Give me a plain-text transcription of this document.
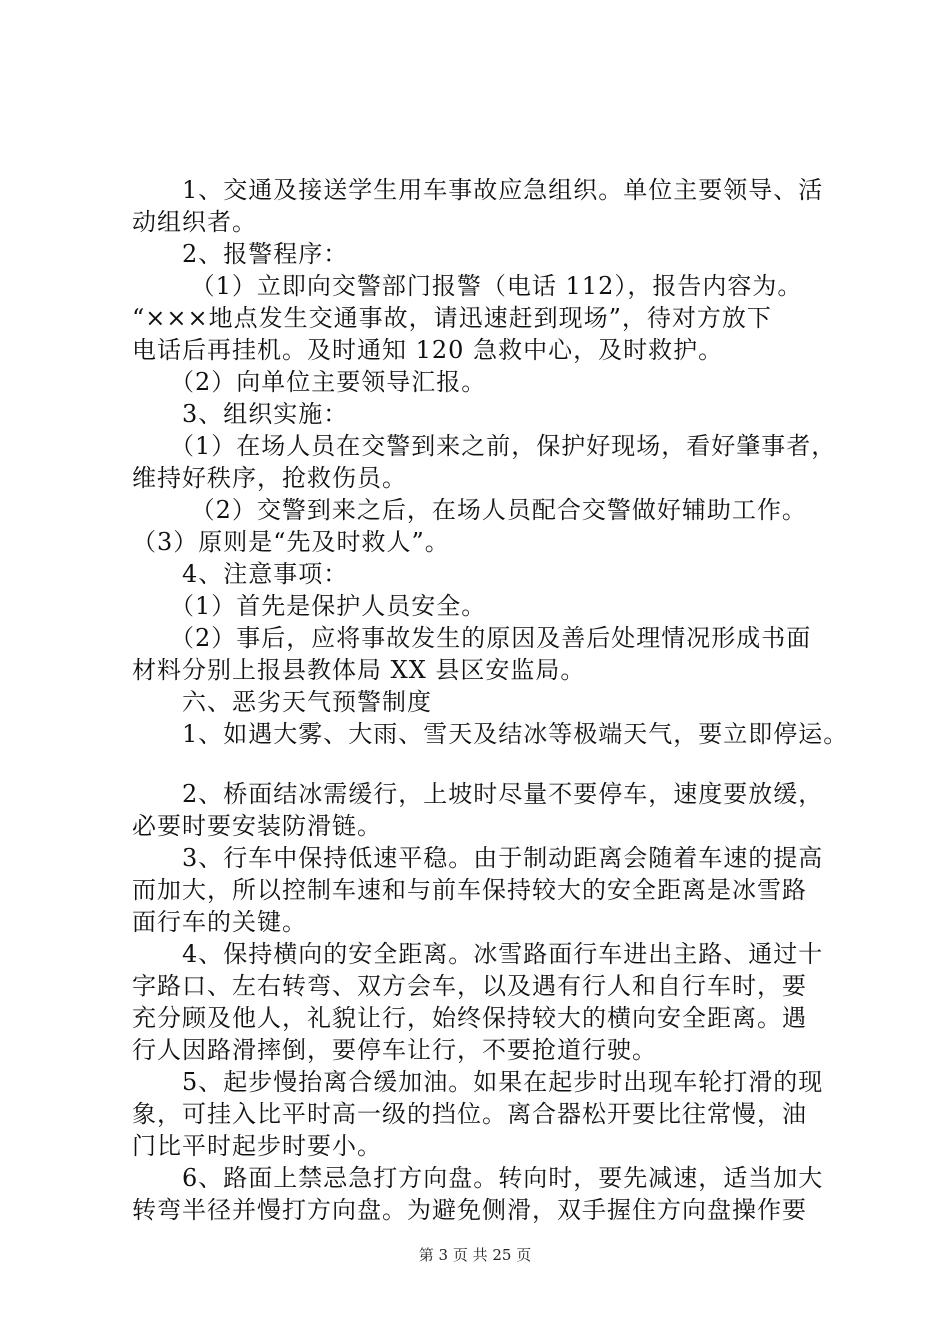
　　1、交通及接送学生用车事故应急组织。单位主要领导、活
动组织者。
　　2、报警程序：
　　 （1）立即向交警部门报警（电话 112），报告内容为。
“×××地点发生交通事故，请迅速赶到现场”，待对方放下
电话后再挂机。及时通知 120 急救中心，及时救护。
　　（2）向单位主要领导汇报。
　　3、组织实施：
　　（1）在场人员在交警到来之前，保护好现场，看好肇事者，
维持好秩序，抢救伤员。
　　 （2）交警到来之后，在场人员配合交警做好辅助工作。
（3）原则是“先及时救人”。
　　4、注意事项：
　　（1）首先是保护人员安全。
　　（2）事后，应将事故发生的原因及善后处理情况形成书面
材料分别上报县教体局 XX 县区安监局。
　　六、恶劣天气预警制度
　　1、如遇大雾、大雨、雪天及结冰等极端天气，要立即停运。
　　2、桥面结冰需缓行，上坡时尽量不要停车，速度要放缓，
必要时要安装防滑链。
　　3、行车中保持低速平稳。由于制动距离会随着车速的提高
而加大，所以控制车速和与前车保持较大的安全距离是冰雪路
面行车的关键。
　　4、保持横向的安全距离。冰雪路面行车进出主路、通过十
字路口、左右转弯、双方会车，以及遇有行人和自行车时，要
充分顾及他人，礼貌让行，始终保持较大的横向安全距离。遇
行人因路滑摔倒，要停车让行，不要抢道行驶。
　　5、起步慢抬离合缓加油。如果在起步时出现车轮打滑的现
象，可挂入比平时高一级的挡位。离合器松开要比往常慢，油
门比平时起步时要小。
　　6、路面上禁忌急打方向盘。转向时，要先减速，适当加大
转弯半径并慢打方向盘。为避免侧滑，双手握住方向盘操作要
第 3 页 共 25 页
